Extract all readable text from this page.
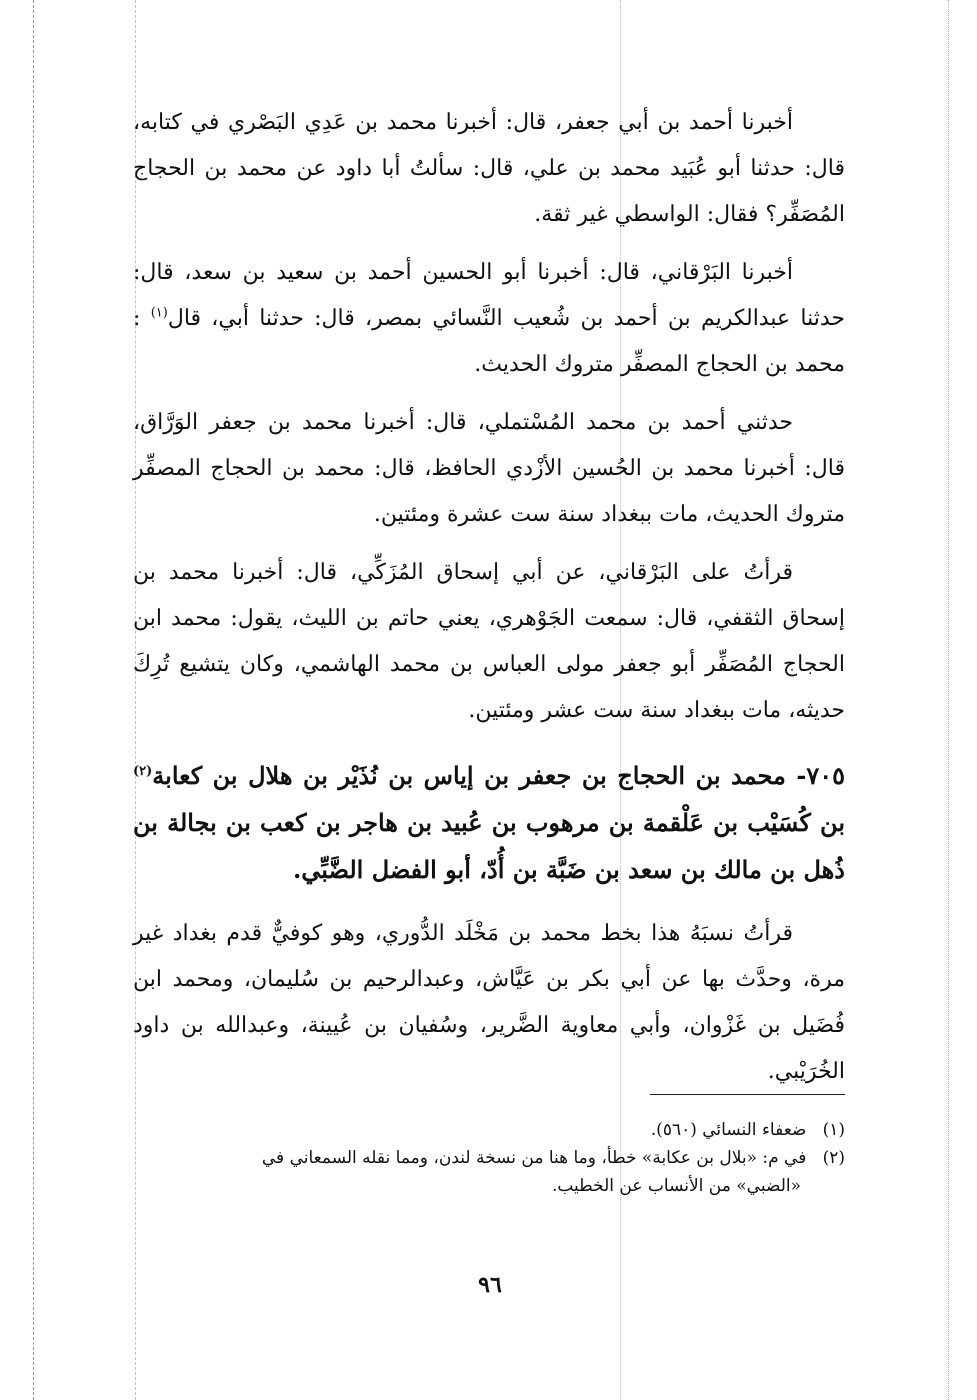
أخبرنا أحمد بن أبي جعفر، قال: أخبرنا محمد بن عَدِي البَصْري في كتابه، قال: حدثنا أبو عُبَيد محمد بن علي، قال: سألتُ أبا داود عن محمد بن الحجاج المُصَفِّر؟ فقال: الواسطي غير ثقة.

أخبرنا البَرْقاني، قال: أخبرنا أبو الحسين أحمد بن سعيد بن سعد، قال: حدثنا عبدالكريم بن أحمد بن شُعيب النَّسائي بمصر، قال: حدثنا أبي، قال$^{(١)}$ : محمد بن الحجاج المصفِّر متروك الحديث.

حدثني أحمد بن محمد المُسْتملي، قال: أخبرنا محمد بن جعفر الوَرَّاق، قال: أخبرنا محمد بن الحُسين الأزْدي الحافظ، قال: محمد بن الحجاج المصفِّر متروك الحديث، مات ببغداد سنة ست عشرة ومئتين.

قرأتُ على البَرْقاني، عن أبي إسحاق المُزَكِّي، قال: أخبرنا محمد بن إسحاق الثقفي، قال: سمعت الجَوْهري، يعني حاتم بن الليث، يقول: محمد ابن الحجاج المُصَفِّر أبو جعفر مولى العباس بن محمد الهاشمي، وكان يتشيع تُرِكَ حديثه، مات ببغداد سنة ست عشر ومئتين.

٧٠٥- محمد بن الحجاج بن جعفر بن إياس بن نُذَيْر بن هلال بن كعابة$^{(٢)}$ بن كُسَيْب بن عَلْقمة بن مرهوب بن عُبيد بن هاجر بن كعب بن بجالة بن ذُهل بن مالك بن سعد بن ضَبَّة بن أُدّ، أبو الفضل الضَّبِّي.

قرأتُ نسبَهُ هذا بخط محمد بن مَخْلَد الدُّوري، وهو كوفيٌّ قدم بغداد غير مرة، وحدَّث بها عن أبي بكر بن عَيَّاش، وعبدالرحيم بن سُليمان، ومحمد ابن فُضَيل بن غَزْوان، وأبي معاوية الضَّرير، وسُفيان بن عُيينة، وعبدالله بن داود الخُرَيْبي.

(١)   ضعفاء النسائي (٥٦٠).

(٢)   في م: «بلال بن عكابة» خطأ، وما هنا من نسخة لندن، ومما نقله السمعاني في

«الضبي» من الأنساب عن الخطيب.

٩٦
